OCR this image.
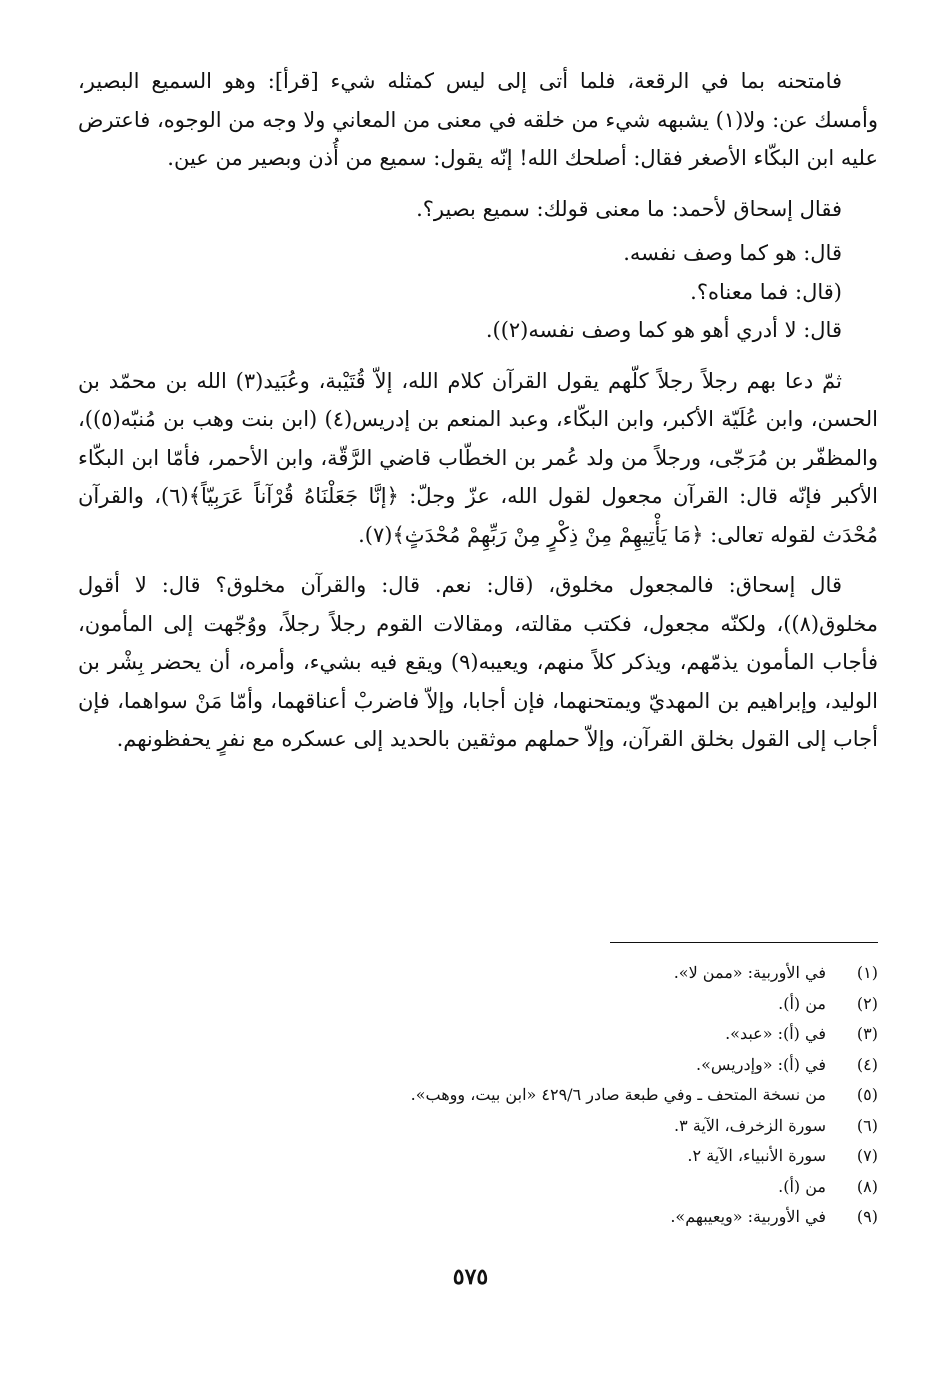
فامتحنه بما في الرقعة، فلما أتى إلى ليس كمثله شيء [قرأ]: وهو السميع البصير، وأمسك عن: ولا(١) يشبهه شيء من خلقه في معنى من المعاني ولا وجه من الوجوه، فاعترض عليه ابن البكّاء الأصغر فقال: أصلحك الله! إنّه يقول: سميع من أُذن وبصير من عين.

فقال إسحاق لأحمد: ما معنى قولك: سميع بصير؟.

قال: هو كما وصف نفسه.

(قال: فما معناه؟.

قال: لا أدري أهو هو كما وصف نفسه(٢)).

ثمّ دعا بهم رجلاً رجلاً كلّهم يقول القرآن كلام الله، إلاّ قُتَيْبة، وعُبَيد(٣) الله بن محمّد بن الحسن، وابن عُلَيّة الأكبر، وابن البكّاء، وعبد المنعم بن إدريس(٤) (ابن بنت وهب بن مُنبّه(٥))، والمظفّر بن مُرَجّى، ورجلاً من ولد عُمر بن الخطّاب قاضي الرَّقّة، وابن الأحمر، فأمّا ابن البكّاء الأكبر فإنّه قال: القرآن مجعول لقول الله، عزّ وجلّ: ﴿إنَّا جَعَلْنَاهُ قُرْآناً عَرَبِيّاً﴾(٦)، والقرآن مُحْدَث لقوله تعالى: ﴿مَا يَأْتِيهِمْ مِنْ ذِكْرٍ مِنْ رَبِّهِمْ مُحْدَثٍ﴾(٧).

قال إسحاق: فالمجعول مخلوق، (قال: نعم. قال: والقرآن مخلوق؟ قال: لا أقول مخلوق(٨))، ولكنّه مجعول، فكتب مقالته، ومقالات القوم رجلاً رجلاً، ووُجّهت إلى المأمون، فأجاب المأمون يذمّهم، ويذكر كلاً منهم، ويعيبه(٩) ويقع فيه بشيء، وأمره، أن يحضر بِشْر بن الوليد، وإبراهيم بن المهديّ ويمتحنهما، فإن أجابا، وإلاّ فاضربْ أعناقهما، وأمّا مَنْ سواهما، فإن أجاب إلى القول بخلق القرآن، وإلاّ حملهم موثقين بالحديد إلى عسكره مع نفرٍ يحفظونهم.

(١)
في الأوربية: «ممن لا».
(٢)
من (أ).
(٣)
في (أ): «عبد».
(٤)
في (أ): «وإدريس».
(٥)
من نسخة المتحف ـ وفي طبعة صادر ٤٢٩/٦ «ابن بيت، ووهب».
(٦)
سورة الزخرف، الآية ٣.
(٧)
سورة الأنبياء، الآية ٢.
(٨)
من (أ).
(٩)
في الأوربية: «ويعيبهم».
٥٧٥
